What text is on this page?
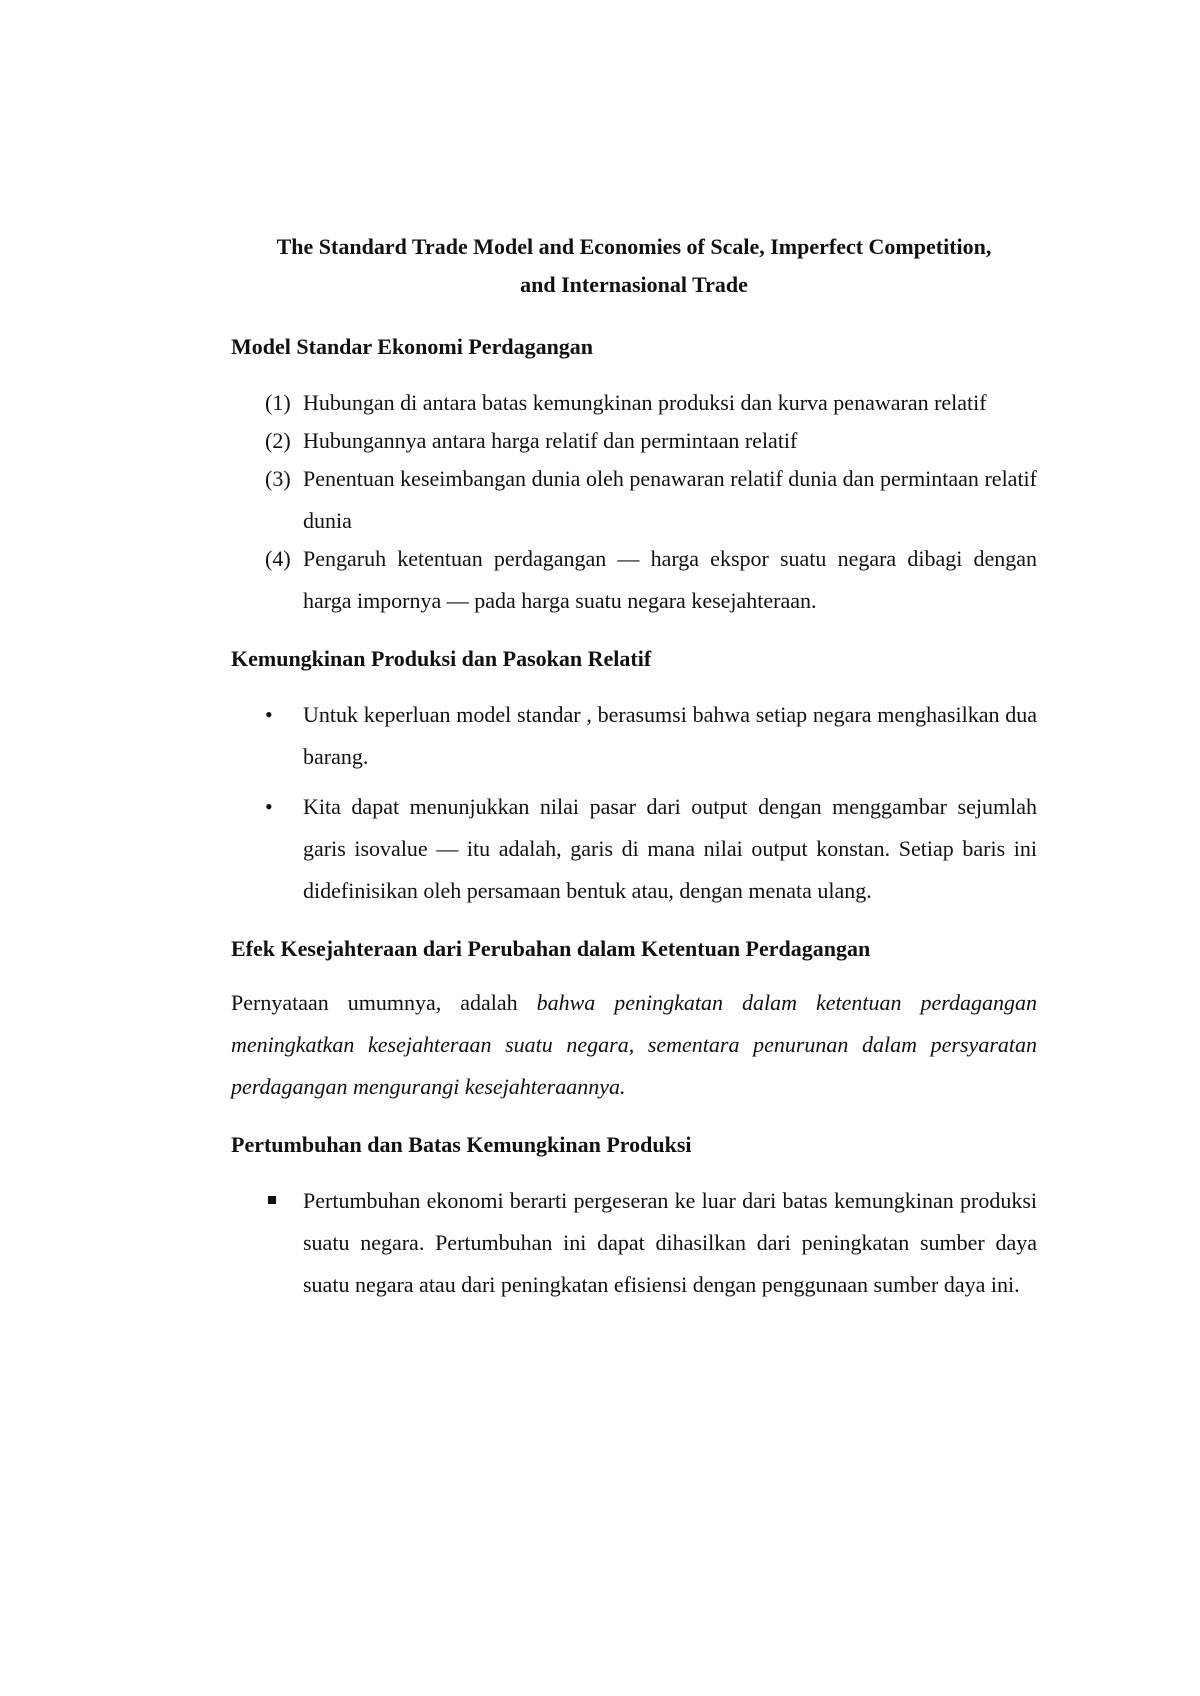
The Standard Trade Model and Economies of Scale, Imperfect Competition,

and Internasional Trade

Model Standar Ekonomi Perdagangan
(1) Hubungan di antara batas kemungkinan produksi dan kurva penawaran relatif
(2) Hubungannya antara harga relatif dan permintaan relatif
(3) Penentuan keseimbangan dunia oleh penawaran relatif dunia dan permintaan relatif dunia
(4) Pengaruh ketentuan perdagangan — harga ekspor suatu negara dibagi dengan harga impornya — pada harga suatu negara kesejahteraan.
Kemungkinan Produksi dan Pasokan Relatif
• Untuk keperluan model standar , berasumsi bahwa setiap negara menghasilkan dua barang.
• Kita dapat menunjukkan nilai pasar dari output dengan menggambar sejumlah garis isovalue — itu adalah, garis di mana nilai output konstan. Setiap baris ini didefinisikan oleh persamaan bentuk atau, dengan menata ulang.
Efek Kesejahteraan dari Perubahan dalam Ketentuan Perdagangan

Pernyataan umumnya, adalah bahwa peningkatan dalam ketentuan perdagangan meningkatkan kesejahteraan suatu negara, sementara penurunan dalam persyaratan perdagangan mengurangi kesejahteraannya.

Pertumbuhan dan Batas Kemungkinan Produksi
Pertumbuhan ekonomi berarti pergeseran ke luar dari batas kemungkinan produksi suatu negara. Pertumbuhan ini dapat dihasilkan dari peningkatan sumber daya suatu negara atau dari peningkatan efisiensi dengan penggunaan sumber daya ini.
